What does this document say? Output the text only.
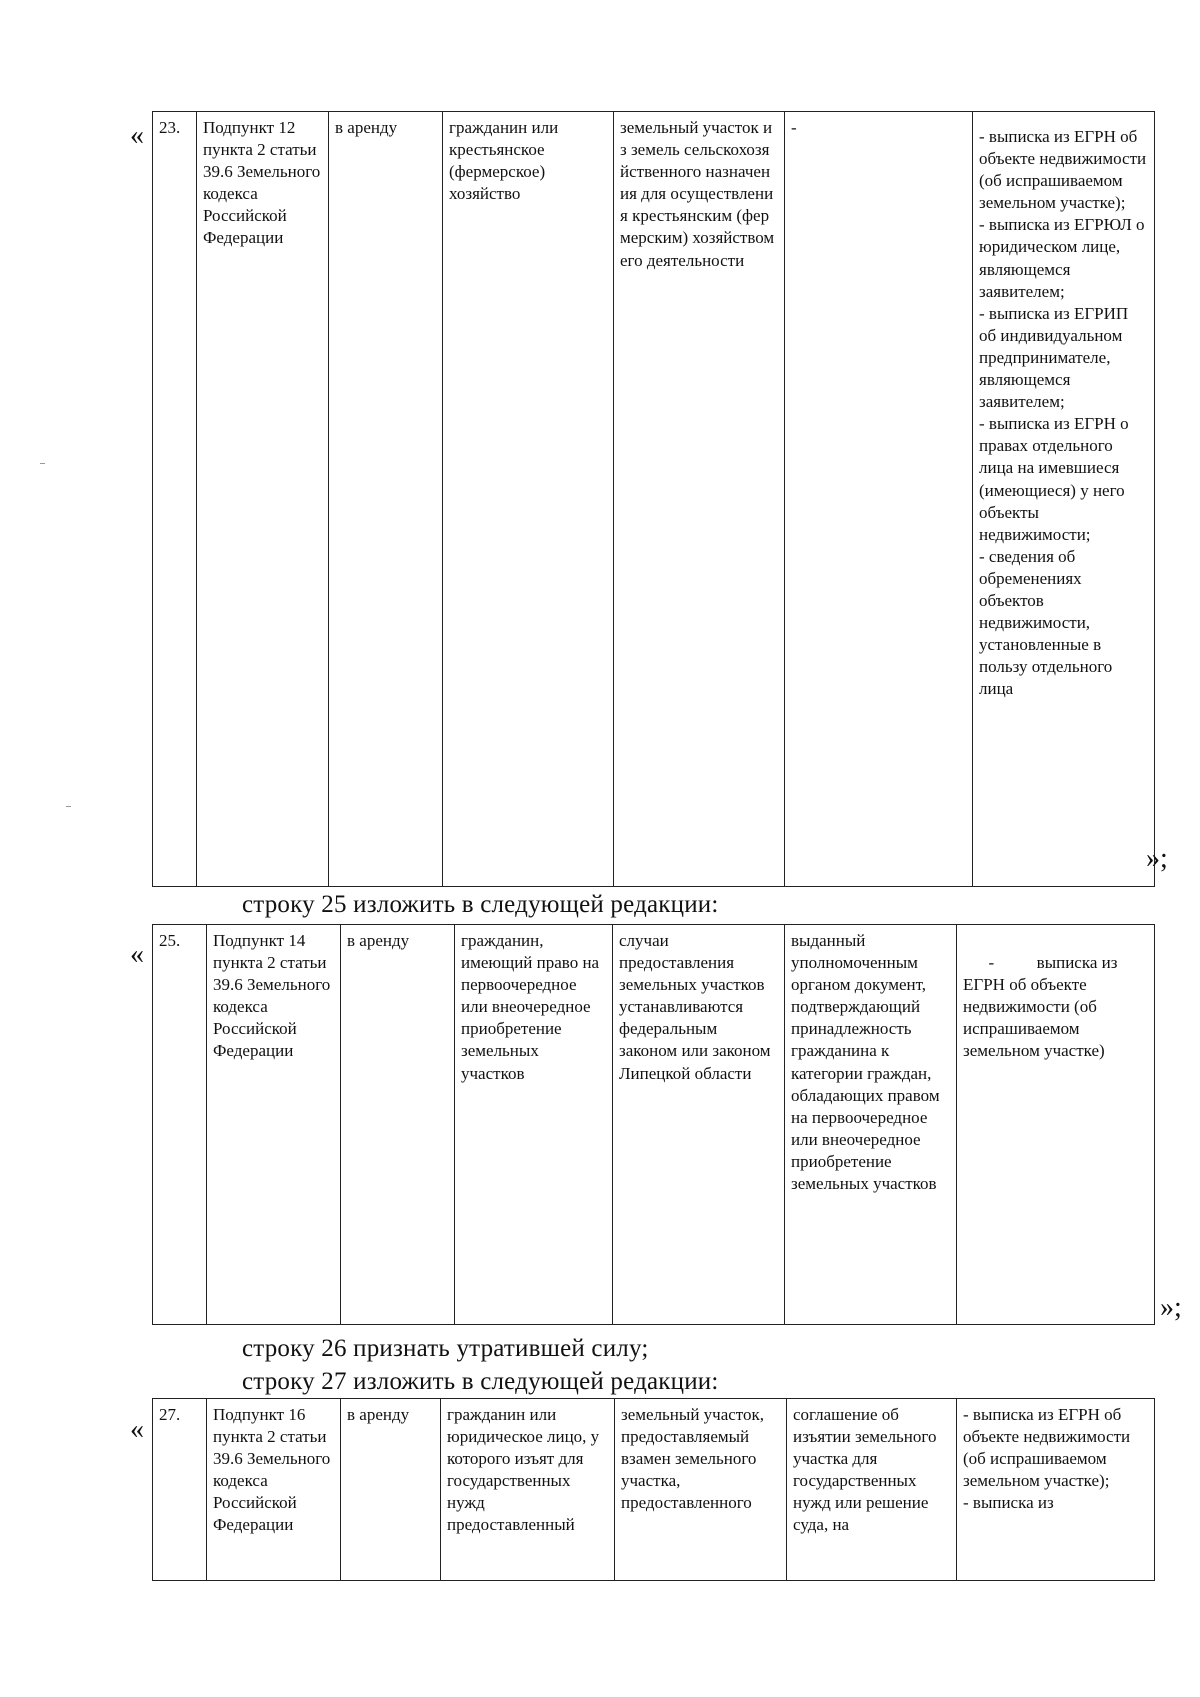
« 23.	Подпункт 12 пункта 2 статьи 39.6 Земельного кодекса Российской Федерации	в аренду	гражданин или крестьянское (фермерское) хозяйство	земельный участок из земель сельскохозяйственного назначения для осуществления крестьянским (фермерским) хозяйством его деятельности	-	- выписка из ЕГРН об объекте недвижимости (об испрашиваемом земельном участке);
- выписка из ЕГРЮЛ о юридическом лице, являющемся заявителем;
- выписка из ЕГРИП об индивидуальном предпринимателе, являющемся заявителем;
- выписка из ЕГРН о правах отдельного лица на имевшиеся (имеющиеся) у него объекты недвижимости;
- сведения об обременениях объектов недвижимости, установленные в пользу отдельного лица
»;
строку 25 изложить в следующей редакции:
« 25.	Подпункт 14 пункта 2 статьи 39.6 Земельного кодекса Российской Федерации	в аренду	гражданин, имеющий право на первоочередное или внеочередное приобретение земельных участков	случаи предоставления земельных участков устанавливаются федеральным законом или законом Липецкой области	выданный уполномоченным органом документ, подтверждающий принадлежность гражданина к категории граждан, обладающих правом на первоочередное или внеочередное приобретение земельных участков	
-          выписка из ЕГРН об объекте недвижимости (об испрашиваемом земельном участке)

»;
строку 26 признать утратившей силу;
строку 27 изложить в следующей редакции:
« 27.	Подпункт 16 пункта 2 статьи 39.6 Земельного кодекса Российской Федерации	в аренду	гражданин или юридическое лицо, у которого изъят для государственных нужд предоставленный	земельный участок, предоставляемый взамен земельного участка, предоставленного	соглашение об изъятии земельного участка для государственных нужд или решение суда, на	
- выписка из ЕГРН об объекте недвижимости (об испрашиваемом земельном участке);
- выписка из
